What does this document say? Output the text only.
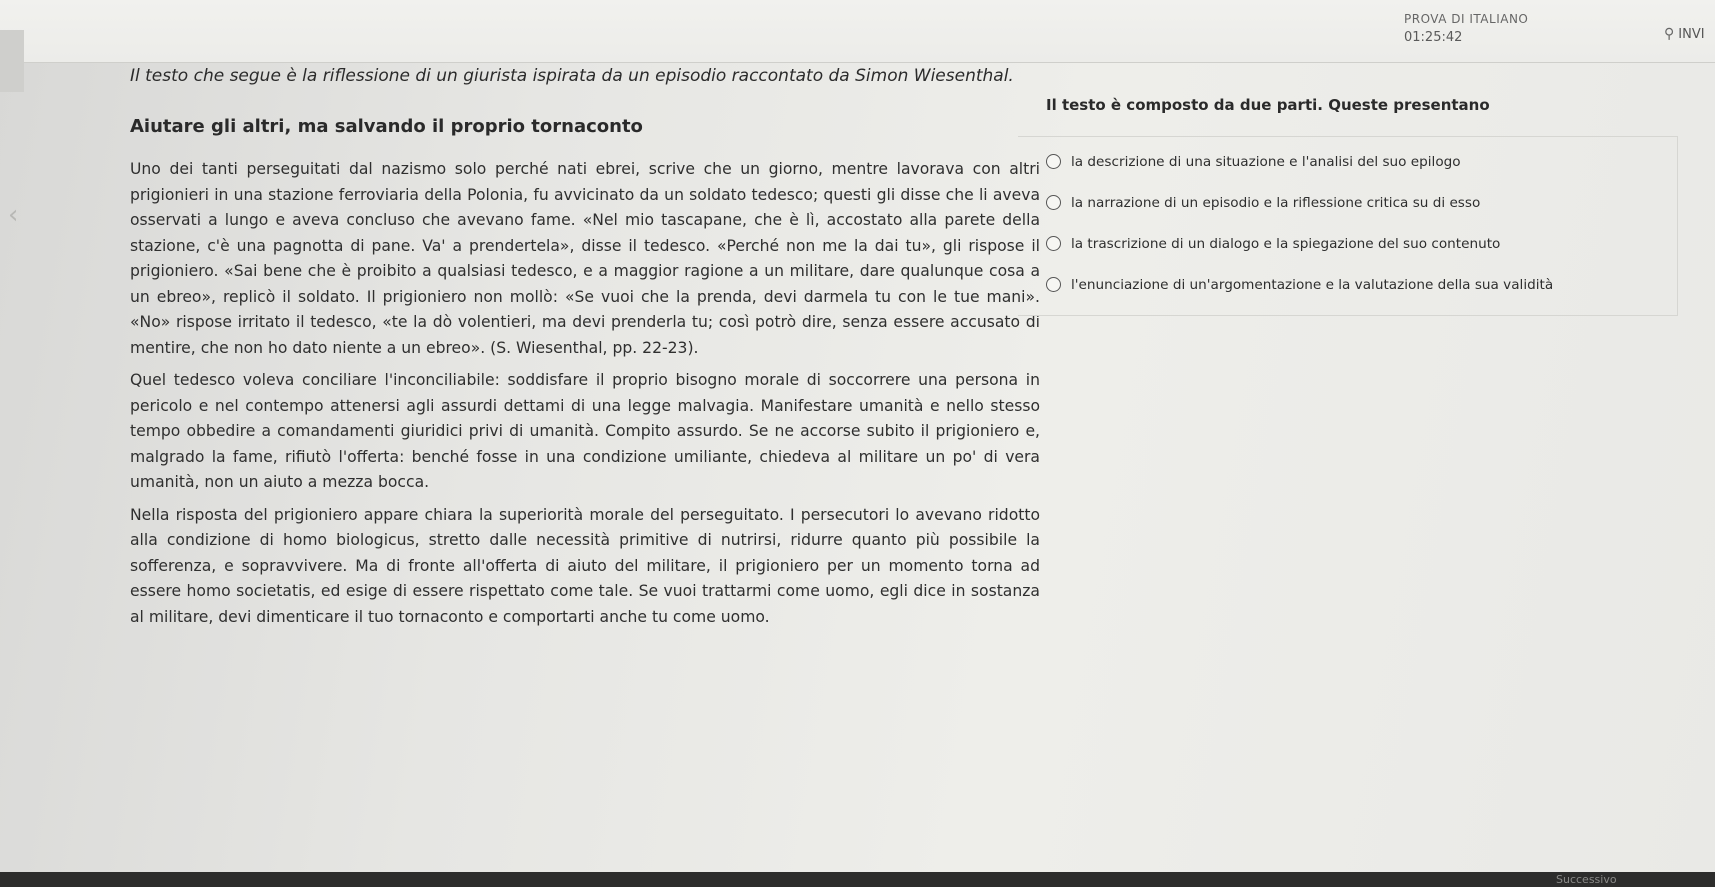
PROVA DI ITALIANO
01:25:42	⚲ INVI
‹

Il testo che segue è la riflessione di un giurista ispirata da un episodio raccontato da Simon Wiesenthal.

Aiutare gli altri, ma salvando il proprio tornaconto

Uno dei tanti perseguitati dal nazismo solo perché nati ebrei, scrive che un giorno, mentre lavorava con altri prigionieri in una stazione ferroviaria della Polonia, fu avvicinato da un soldato tedesco; questi gli disse che li aveva osservati a lungo e aveva concluso che avevano fame. «Nel mio tascapane, che è lì, accostato alla parete della stazione, c'è una pagnotta di pane. Va' a prendertela», disse il tedesco. «Perché non me la dai tu», gli rispose il prigioniero. «Sai bene che è proibito a qualsiasi tedesco, e a maggior ragione a un militare, dare qualunque cosa a un ebreo», replicò il soldato. Il prigioniero non mollò: «Se vuoi che la prenda, devi darmela tu con le tue mani». «No» rispose irritato il tedesco, «te la dò volentieri, ma devi prenderla tu; così potrò dire, senza essere accusato di mentire, che non ho dato niente a un ebreo». (S. Wiesenthal, pp. 22-23).

Quel tedesco voleva conciliare l'inconciliabile: soddisfare il proprio bisogno morale di soccorrere una persona in pericolo e nel contempo attenersi agli assurdi dettami di una legge malvagia. Manifestare umanità e nello stesso tempo obbedire a comandamenti giuridici privi di umanità. Compito assurdo. Se ne accorse subito il prigioniero e, malgrado la fame, rifiutò l'offerta: benché fosse in una condizione umiliante, chiedeva al militare un po' di vera umanità, non un aiuto a mezza bocca.

Nella risposta del prigioniero appare chiara la superiorità morale del perseguitato. I persecutori lo avevano ridotto alla condizione di homo biologicus, stretto dalle necessità primitive di nutrirsi, ridurre quanto più possibile la sofferenza, e sopravvivere. Ma di fronte all'offerta di aiuto del militare, il prigioniero per un momento torna ad essere homo societatis, ed esige di essere rispettato come tale. Se vuoi trattarmi come uomo, egli dice in sostanza al militare, devi dimenticare il tuo tornaconto e comportarti anche tu come uomo.

Il testo è composto da due parti. Queste presentano
la descrizione di una situazione e l'analisi del suo epilogo
la narrazione di un episodio e la riflessione critica su di esso
la trascrizione di un dialogo e la spiegazione del suo contenuto
l'enunciazione di un'argomentazione e la valutazione della sua validità
Successivo
